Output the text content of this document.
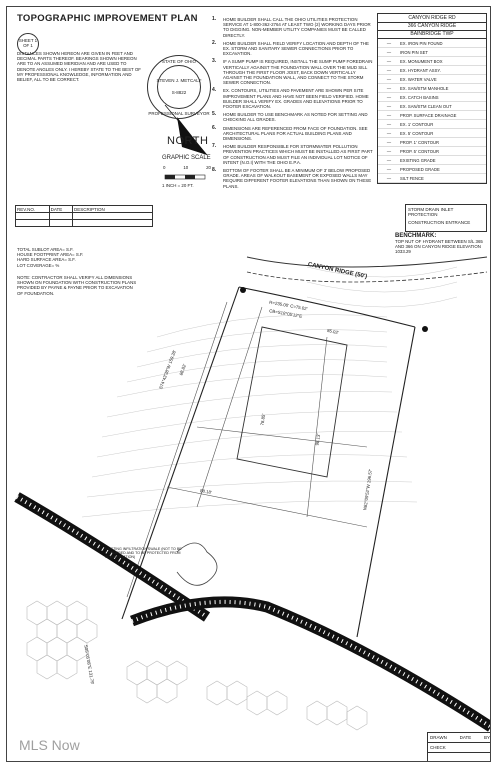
TOPOGRAPHIC IMPROVEMENT PLAN
SHEET 1 OF 1
DISTANCES SHOWN HEREON ARE GIVEN IN FEET AND DECIMAL PARTS THEREOF. BEARINGS SHOWN HEREON ARE TO AN ASSUMED MERIDIAN AND ARE USED TO DENOTE ANGLES ONLY. I HEREBY STATE TO THE BEST OF MY PROFESSIONAL KNOWLEDGE, INFORMATION AND BELIEF, ALL TO BE CORRECT.
STATE OF OHIO
STEVEN J. METCALF
S-8822
PROFESSIONAL SURVEYOR
1.	HOME BUILDER SHALL CALL THE OHIO UTILITIES PROTECTION SERVICE AT 1-800-362-2764 AT LEAST TWO (2) WORKING DAYS PRIOR TO DIGGING. NON-MEMBER UTILITY COMPANIES MUST BE CALLED DIRECTLY.
2.	HOME BUILDER SHALL FIELD VERIFY LOCATION AND DEPTH OF THE EX. STORM AND SANITARY SEWER CONNECTIONS PRIOR TO EXCAVATION.
3.	IF A SUMP PUMP IS REQUIRED, INSTALL THE SUMP PUMP FOREDRAIN VERTICALLY AGAINST THE FOUNDATION WALL OVER THE MUD SILL THROUGH THE FIRST FLOOR JOIST, BACK DOWN VERTICALLY AGAINST THE FOUNDATION WALL, AND CONNECT TO THE STORM SEWER CONNECTION.
4.	EX. CONTOURS, UTILITIES AND PAVEMENT ARE SHOWN PER SITE IMPROVEMENT PLANS AND HAVE NOT BEEN FIELD VERIFIED. HOME BUILDER SHALL VERIFY EX. GRADES AND ELEVATIONS PRIOR TO FOOTER EXCAVATION.
5.	HOME BUILDER TO USE BENCHMARK AS NOTED FOR SETTING AND CHECKING ALL GRADES.
6.	DIMENSIONS ARE REFERENCED FROM FACE OF FOUNDATION. SEE ARCHITECTURAL PLANS FOR ACTUAL BUILDING PLANS AND DIMENSIONS.
7.	HOME BUILDER RESPONSIBLE FOR STORMWATER POLLUTION PREVENTION PRACTICES WHICH MUST BE INSTALLED AS FIRST PART OF CONSTRUCTION AND MUST FILE AN INDIVIDUAL LOT NOTICE OF INTENT (N.O.I) WITH THE OHIO E.P.A.
8.	BOTTOM OF FOOTER SHALL BE A MINIMUM OF 3' BELOW PROPOSED GRADE. AREAS OF WALKOUT BASEMENT OR EXPOSED WALLS MAY REQUIRE DIFFERENT FOOTER ELEVATIONS THAN SHOWN ON THESE PLANS.
CANYON RIDGE RD
366 CANYON RIDGE
BAINBRIDGE TWP
—	EX. IRON PIN FOUND
—	IRON PIN SET
—	EX. MONUMENT BOX
—	EX. HYDRANT ASSY.
—	EX. WATER VALVE
—	EX. SAN/STM MANHOLE
—	EX. CATCH BASINS
—	EX. SAN/STM CLEAN OUT
—	PROP. SURFACE DRAINAGE
—	EX. 1' CONTOUR
—	EX. 5' CONTOUR
—	PROP. 1' CONTOUR
—	PROP. 5' CONTOUR
—	EXISTING GRADE
—	PROPOSED GRADE
—	SILT FENCE
NORTH
GRAPHIC SCALE
0	10	20
1 INCH = 20 FT.
REV.NO.	DATE	DESCRIPTION

TOTAL SUBLOT AREA= S.F.
HOUSE FOOTPRINT AREA= S.F.
HARD SURFACE AREA= S.F.
LOT COVERAGE= %
NOTE: CONTRACTOR SHALL VERIFY ALL DIMENSIONS SHOWN ON FOUNDATION WITH CONSTRUCTION PLANS PROVIDED BY PAYNE & PAYNE PRIOR TO EXCAVATION OF FOUNDATION.
STORM DRAIN INLET PROTECTION
CONSTRUCTION ENTRANCE
BENCHMARK:
TOP NUT OF HYDRANT BETWEEN S/L 365 AND 366 ON CANYON RIDGE ELEVATION 1033.29
CANYON RIDGE (50')
R=235.00' C=75.02'
CB=S18°05'12"E
85.02'
S74°43'38"W 159.28'
N82°09'52"W 196.57'
S05°05'08"E 131.79'
88.82'
88.18'
78.85'
98.13'
EXISTING INFILTRATION SWALE (NOT TO BE DISTURBED AND TO BE PROTECTED FROM SEDIMENTATION)
MLS Now	DRAWN	DATE	BY
CHECK
